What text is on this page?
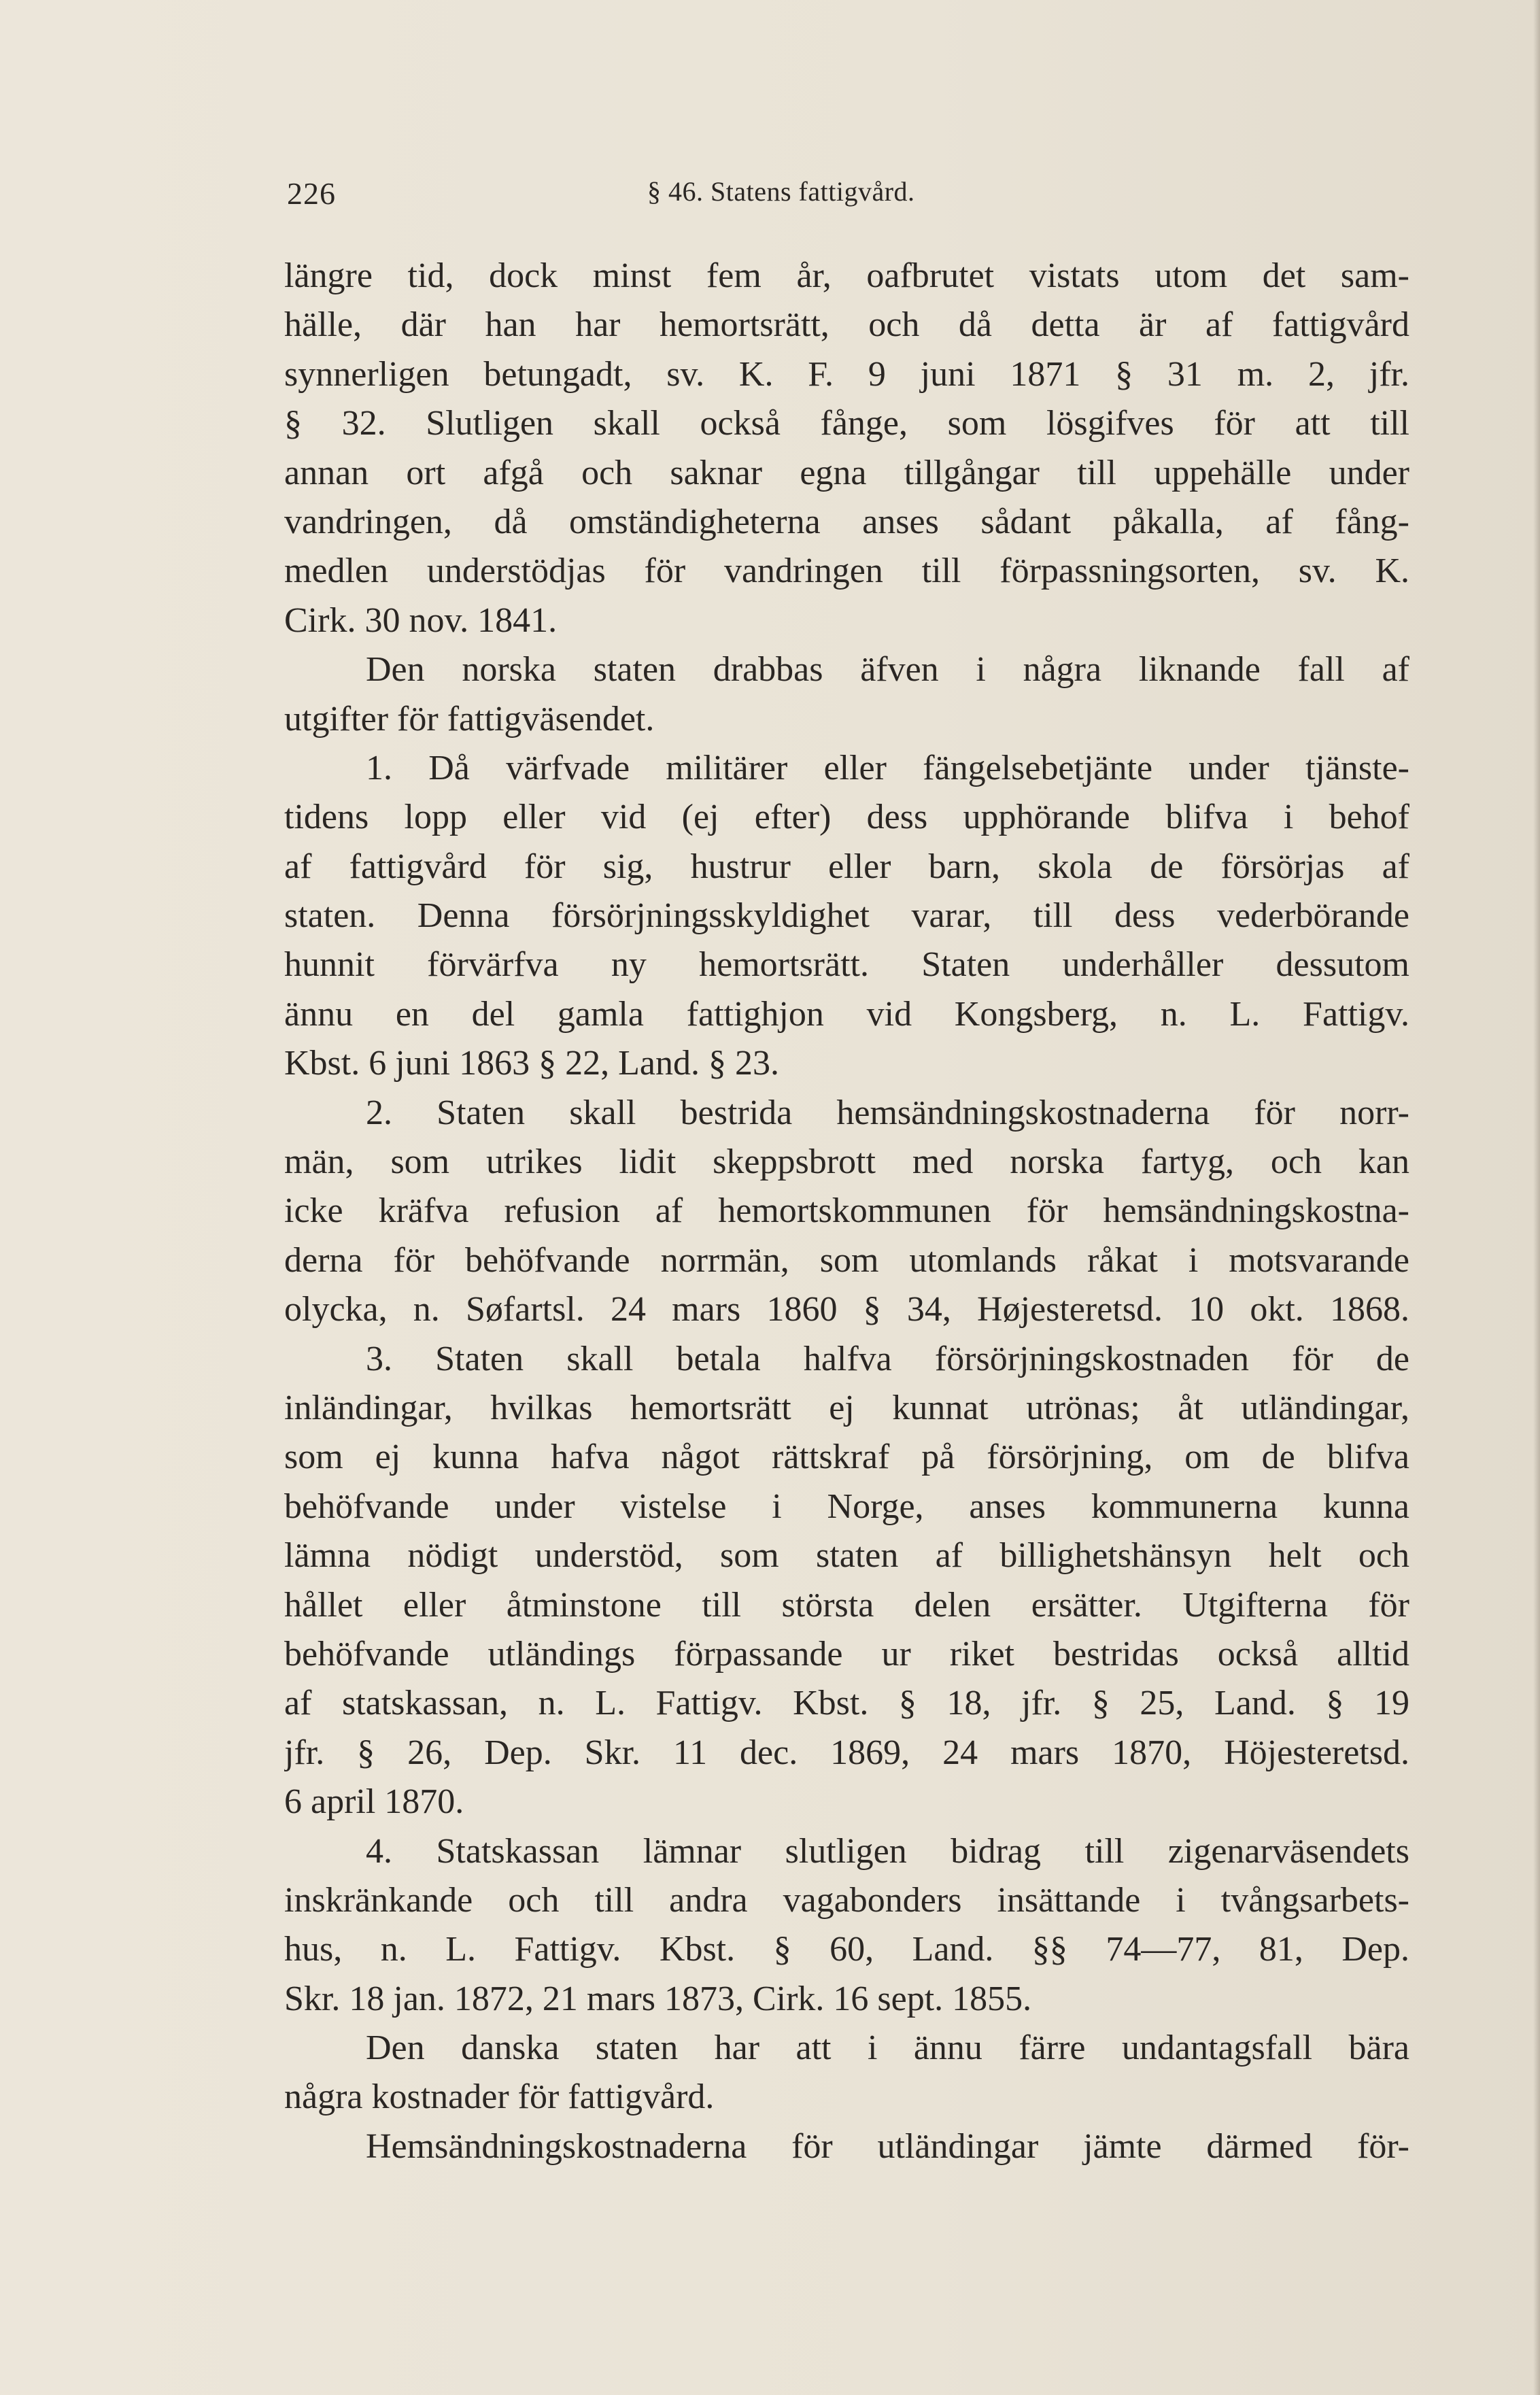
226	§ 46. Statens fattigvård.
längre tid, dock minst fem år, oafbrutet vistats utom det sam-
hälle, där han har hemortsrätt, och då detta är af fattigvård
synnerligen betungadt, sv. K. F. 9 juni 1871 § 31 m. 2, jfr.
§ 32. Slutligen skall också fånge, som lösgifves för att till
annan ort afgå och saknar egna tillgångar till uppehälle under
vandringen, då omständigheterna anses sådant påkalla, af fång-
medlen understödjas för vandringen till förpassningsorten, sv. K.
Cirk. 30 nov. 1841.
Den norska staten drabbas äfven i några liknande fall af
utgifter för fattigväsendet.
1. Då värfvade militärer eller fängelsebetjänte under tjänste-
tidens lopp eller vid (ej efter) dess upphörande blifva i behof
af fattigvård för sig, hustrur eller barn, skola de försörjas af
staten. Denna försörjningsskyldighet varar, till dess vederbörande
hunnit förvärfva ny hemortsrätt. Staten underhåller dessutom
ännu en del gamla fattighjon vid Kongsberg, n. L. Fattigv.
Kbst. 6 juni 1863 § 22, Land. § 23.
2. Staten skall bestrida hemsändningskostnaderna för norr-
män, som utrikes lidit skeppsbrott med norska fartyg, och kan
icke kräfva refusion af hemortskommunen för hemsändningskostna-
derna för behöfvande norrmän, som utomlands råkat i motsvarande
olycka, n. Søfartsl. 24 mars 1860 § 34, Højesteretsd. 10 okt. 1868.
3. Staten skall betala halfva försörjningskostnaden för de
inländingar, hvilkas hemortsrätt ej kunnat utrönas; åt utländingar,
som ej kunna hafva något rättskraf på försörjning, om de blifva
behöfvande under vistelse i Norge, anses kommunerna kunna
lämna nödigt understöd, som staten af billighetshänsyn helt och
hållet eller åtminstone till största delen ersätter. Utgifterna för
behöfvande utländings förpassande ur riket bestridas också alltid
af statskassan, n. L. Fattigv. Kbst. § 18, jfr. § 25, Land. § 19
jfr. § 26, Dep. Skr. 11 dec. 1869, 24 mars 1870, Höjesteretsd.
6 april 1870.
4. Statskassan lämnar slutligen bidrag till zigenarväsendets
inskränkande och till andra vagabonders insättande i tvångsarbets-
hus, n. L. Fattigv. Kbst. § 60, Land. §§ 74—77, 81, Dep.
Skr. 18 jan. 1872, 21 mars 1873, Cirk. 16 sept. 1855.
Den danska staten har att i ännu färre undantagsfall bära
några kostnader för fattigvård.
Hemsändningskostnaderna för utländingar jämte därmed för-
